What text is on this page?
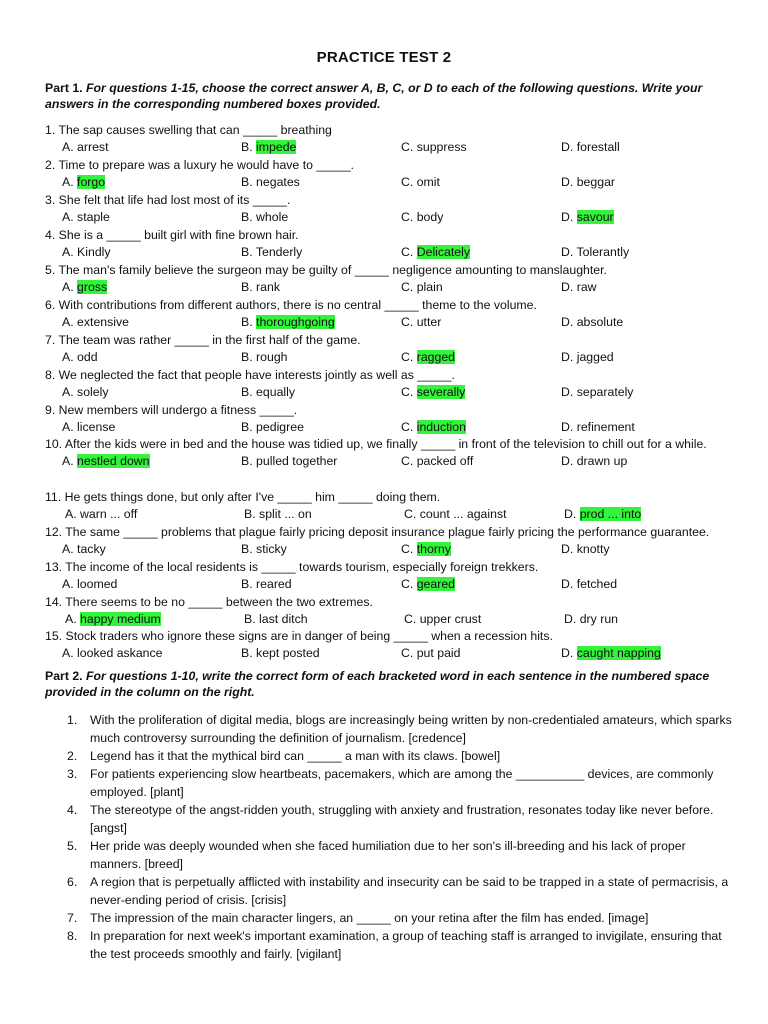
PRACTICE TEST 2
Part 1. For questions 1-15, choose the correct answer A, B, C, or D to each of the following questions. Write your answers in the corresponding numbered boxes provided.
1. The sap causes swelling that can _____ breathing
A. arrest	B. impede	C. suppress	D. forestall
2. Time to prepare was a luxury he would have to _____.
A. forgo	B. negates	C. omit	D. beggar
3. She felt that life had lost most of its _____.
A. staple	B. whole	C. body	D. savour
4. She is a _____ built girl with fine brown hair.
A. Kindly	B. Tenderly	C. Delicately	D. Tolerantly
5. The man's family believe the surgeon may be guilty of _____ negligence amounting to manslaughter.
A. gross	B. rank	C. plain	D. raw
6. With contributions from different authors, there is no central _____ theme to the volume.
A. extensive	B. thoroughgoing	C. utter	D. absolute
7. The team was rather _____ in the first half of the game.
A. odd	B. rough	C. ragged	D. jagged
8. We neglected the fact that people have interests jointly as well as _____.
A. solely	B. equally	C. severally	D. separately
9. New members will undergo a fitness _____.
A. license	B. pedigree	C. induction	D. refinement
10. After the kids were in bed and the house was tidied up, we finally _____ in front of the television to chill out for a while.
A. nestled down	B. pulled together	C. packed off	D. drawn up
11. He gets things done, but only after I've _____ him _____ doing them.
A. warn ... off	B. split ... on	C. count ... against	D. prod ... into
12. The same _____ problems that plague fairly pricing deposit insurance plague fairly pricing the performance guarantee.
A. tacky	B. sticky	C. thorny	D. knotty
13. The income of the local residents is _____ towards tourism, especially foreign trekkers.
A. loomed	B. reared	C. geared	D. fetched
14. There seems to be no _____ between the two extremes.
A. happy medium	B. last ditch	C. upper crust	D. dry run
15. Stock traders who ignore these signs are in danger of being _____ when a recession hits.
A. looked askance	B. kept posted	C. put paid	D. caught napping
Part 2. For questions 1-10, write the correct form of each bracketed word in each sentence in the numbered space provided in the column on the right.
1. With the proliferation of digital media, blogs are increasingly being written by non-credentialed amateurs, which sparks much controversy surrounding the definition of journalism. [credence]
2. Legend has it that the mythical bird can _____ a man with its claws. [bowel]
3. For patients experiencing slow heartbeats, pacemakers, which are among the __________ devices, are commonly employed. [plant]
4. The stereotype of the angst-ridden youth, struggling with anxiety and frustration, resonates today like never before. [angst]
5. Her pride was deeply wounded when she faced humiliation due to her son's ill-breeding and his lack of proper manners. [breed]
6. A region that is perpetually afflicted with instability and insecurity can be said to be trapped in a state of permacrisis, a never-ending period of crisis. [crisis]
7. The impression of the main character lingers, an _____ on your retina after the film has ended. [image]
8. In preparation for next week's important examination, a group of teaching staff is arranged to invigilate, ensuring that the test proceeds smoothly and fairly. [vigilant]
